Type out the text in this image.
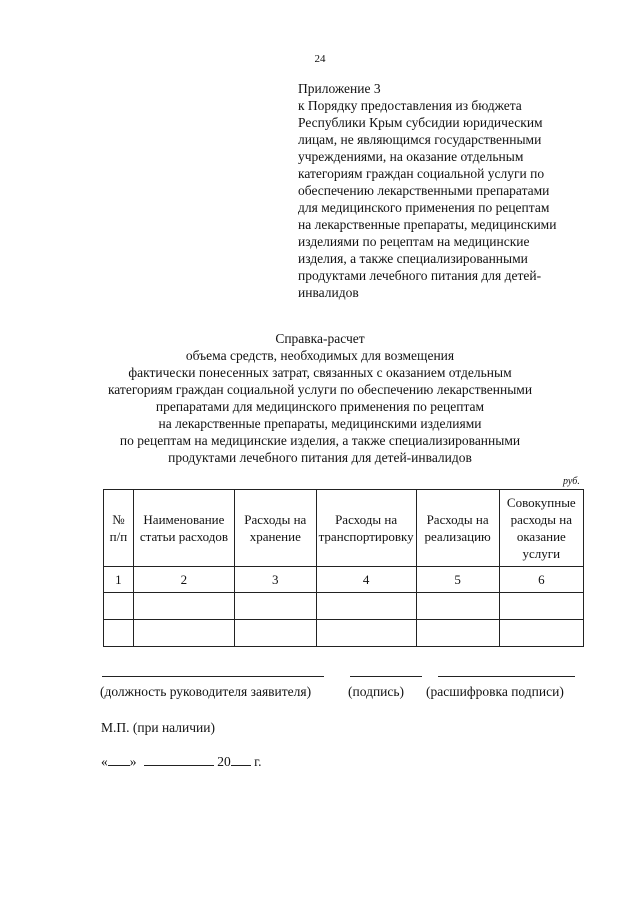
24
Приложение 3
к Порядку предоставления из бюджета
Республики Крым субсидии юридическим
лицам, не являющимся государственными
учреждениями, на оказание отдельным
категориям граждан социальной услуги по
обеспечению лекарственными препаратами
для медицинского применения по рецептам
на лекарственные препараты, медицинскими
изделиями по рецептам на медицинские
изделия, а также специализированными
продуктами лечебного питания для детей-
инвалидов
Справка-расчет
объема средств, необходимых для возмещения
фактически понесенных затрат, связанных с оказанием отдельным
категориям граждан социальной услуги по обеспечению лекарственными
препаратами для медицинского применения по рецептам
на лекарственные препараты, медицинскими изделиями
по рецептам на медицинские изделия, а также специализированными
продуктами лечебного питания для детей-инвалидов
руб.
№ п/п	Наименование статьи расходов	Расходы на хранение	Расходы на транспортировку	Расходы на реализацию	Совокупные расходы на оказание услуги
1	2	3	4	5	6

(должность руководителя заявителя)	(подпись) (расшифровка подписи)
М.П. (при наличии)
« »	20 г.
